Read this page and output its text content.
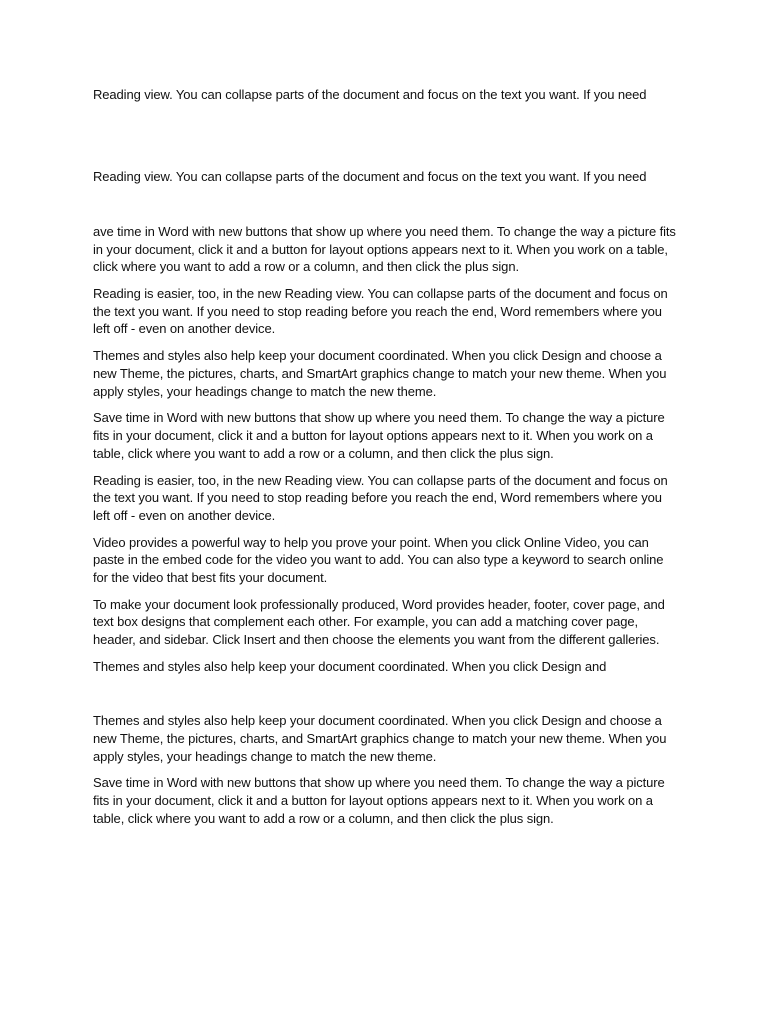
Reading view. You can collapse parts of the document and focus on the text you want. If you need

Reading view. You can collapse parts of the document and focus on the text you want. If you need

ave time in Word with new buttons that show up where you need them. To change the way a picture fits in your document, click it and a button for layout options appears next to it. When you work on a table, click where you want to add a row or a column, and then click the plus sign.

Reading is easier, too, in the new Reading view. You can collapse parts of the document and focus on the text you want. If you need to stop reading before you reach the end, Word remembers where you left off - even on another device.

Themes and styles also help keep your document coordinated. When you click Design and choose a new Theme, the pictures, charts, and SmartArt graphics change to match your new theme. When you apply styles, your headings change to match the new theme.

Save time in Word with new buttons that show up where you need them. To change the way a picture fits in your document, click it and a button for layout options appears next to it. When you work on a table, click where you want to add a row or a column, and then click the plus sign.

Reading is easier, too, in the new Reading view. You can collapse parts of the document and focus on the text you want. If you need to stop reading before you reach the end, Word remembers where you left off - even on another device.

Video provides a powerful way to help you prove your point. When you click Online Video, you can paste in the embed code for the video you want to add. You can also type a keyword to search online for the video that best fits your document.

To make your document look professionally produced, Word provides header, footer, cover page, and text box designs that complement each other. For example, you can add a matching cover page, header, and sidebar. Click Insert and then choose the elements you want from the different galleries.

Themes and styles also help keep your document coordinated. When you click Design and

Themes and styles also help keep your document coordinated. When you click Design and choose a new Theme, the pictures, charts, and SmartArt graphics change to match your new theme. When you apply styles, your headings change to match the new theme.

Save time in Word with new buttons that show up where you need them. To change the way a picture fits in your document, click it and a button for layout options appears next to it. When you work on a table, click where you want to add a row or a column, and then click the plus sign.
